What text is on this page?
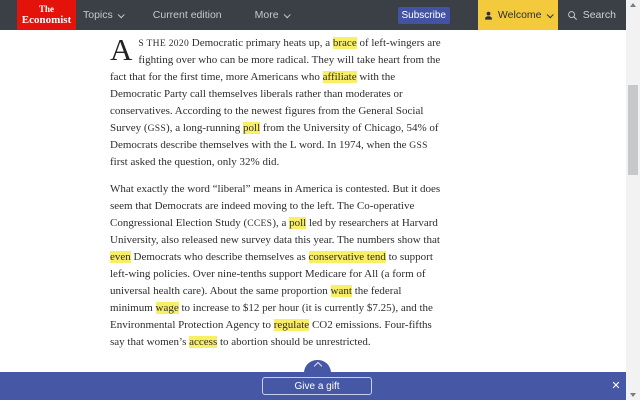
The
Economist Topics	Current edition	More	Subscribe	Welcome	Search

AS THE 2020 Democratic primary heats up, a brace of left-wingers are fighting over who can be more radical. They will take heart from the fact that for the first time, more Americans who affiliate with the Democratic Party call themselves liberals rather than moderates or conservatives. According to the newest figures from the General Social Survey (GSS), a long-running poll from the University of Chicago, 54% of Democrats describe themselves with the L word. In 1974, when the GSS first asked the question, only 32% did.

What exactly the word “liberal” means in America is contested. But it does seem that Democrats are indeed moving to the left. The Co-operative Congressional Election Study (CCES), a poll led by researchers at Harvard University, also released new survey data this year. The numbers show that even Democrats who describe themselves as conservative tend to support left-wing policies. Over nine-tenths support Medicare for All (a form of universal health care). About the same proportion want the federal minimum wage to increase to $12 per hour (it is currently $7.25), and the Environmental Protection Agency to regulate CO2 emissions. Four-fifths say that women’s access to abortion should be unrestricted.

Give a gift	✕
